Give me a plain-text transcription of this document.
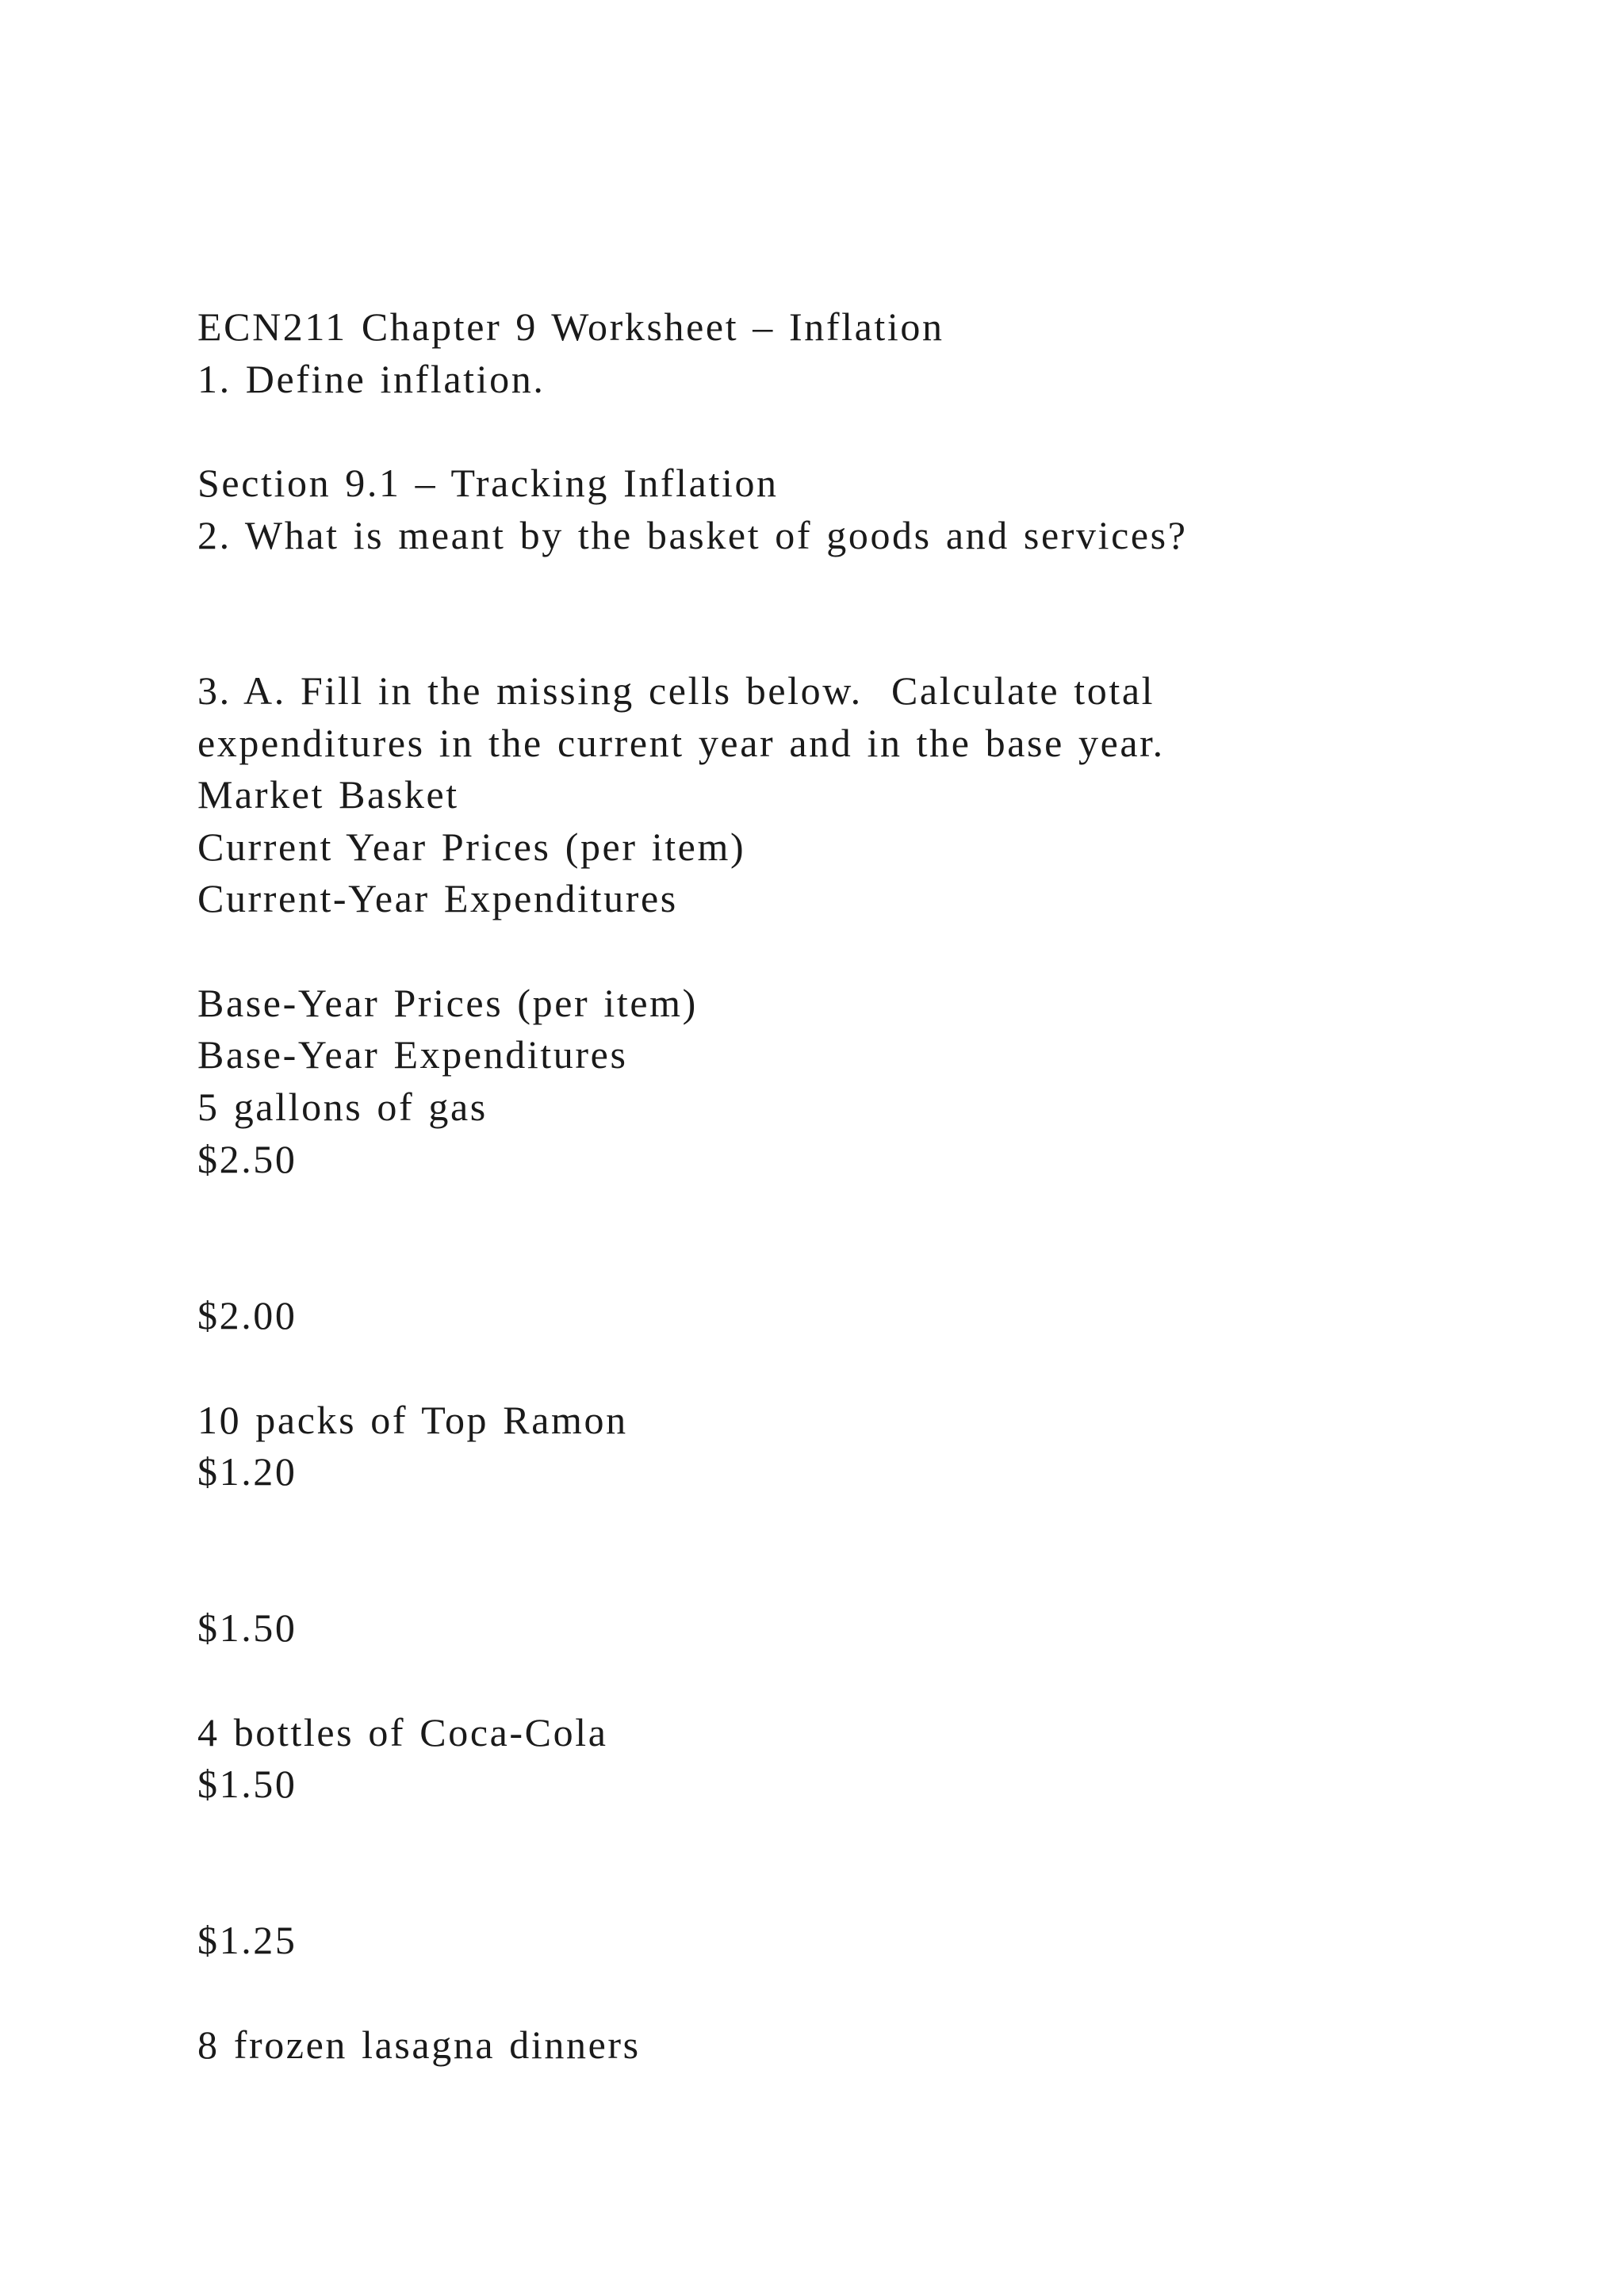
ECN211 Chapter 9 Worksheet – Inflation

1. Define inflation.

Section 9.1 – Tracking Inflation

2. What is meant by the basket of goods and services?

3. A. Fill in the missing cells below.  Calculate total

expenditures in the current year and in the base year.

Market Basket

Current Year Prices (per item)

Current-Year Expenditures

Base-Year Prices (per item)

Base-Year Expenditures

5 gallons of gas

$2.50

$2.00

10 packs of Top Ramon

$1.20

$1.50

4 bottles of Coca-Cola

$1.50

$1.25

8 frozen lasagna dinners
